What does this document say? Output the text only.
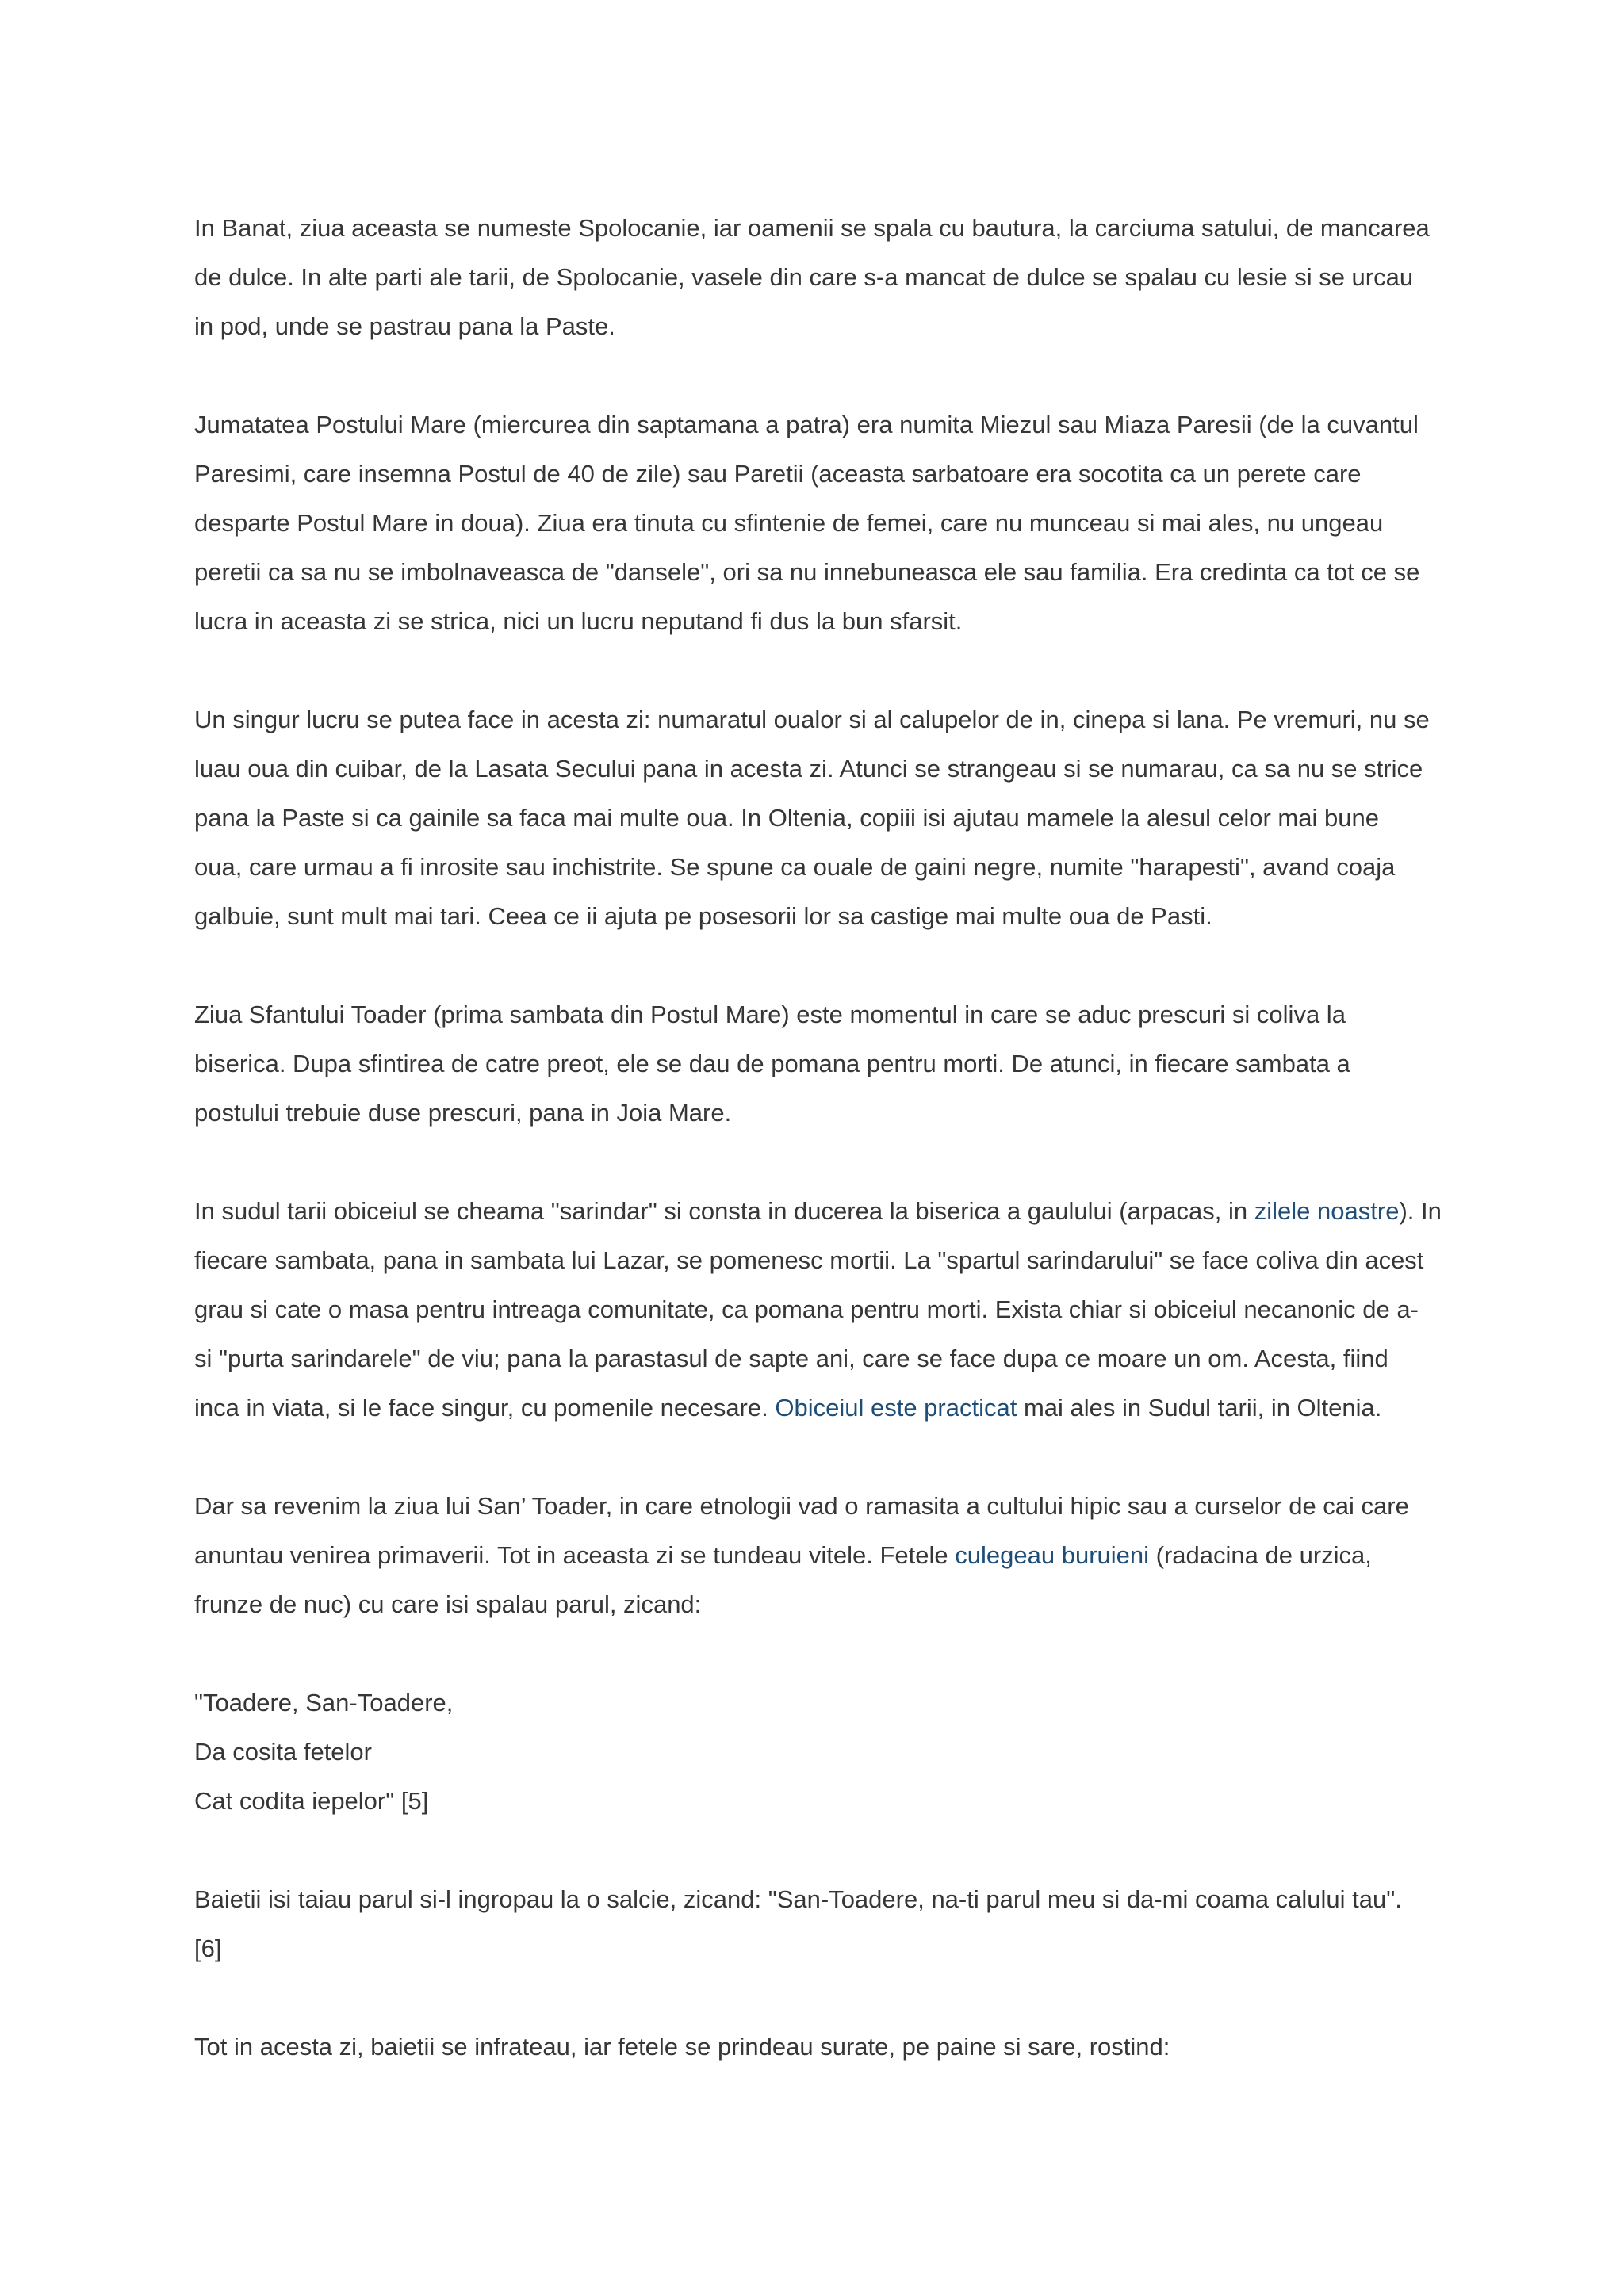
In Banat, ziua aceasta se numeste Spolocanie, iar oamenii se spala cu bautura, la carciuma satului, de mancarea
de dulce. In alte parti ale tarii, de Spolocanie, vasele din care s-a mancat de dulce se spalau cu lesie si se urcau
in pod, unde se pastrau pana la Paste.

Jumatatea Postului Mare (miercurea din saptamana a patra) era numita Miezul sau Miaza Paresii (de la cuvantul
Paresimi, care insemna Postul de 40 de zile) sau Paretii (aceasta sarbatoare era socotita ca un perete care
desparte Postul Mare in doua). Ziua era tinuta cu sfintenie de femei, care nu munceau si mai ales, nu ungeau
peretii ca sa nu se imbolnaveasca de "dansele", ori sa nu innebuneasca ele sau familia. Era credinta ca tot ce se
lucra in aceasta zi se strica, nici un lucru neputand fi dus la bun sfarsit.

Un singur lucru se putea face in acesta zi: numaratul oualor si al calupelor de in, cinepa si lana. Pe vremuri, nu se
luau oua din cuibar, de la Lasata Secului pana in acesta zi. Atunci se strangeau si se numarau, ca sa nu se strice
pana la Paste si ca gainile sa faca mai multe oua. In Oltenia, copiii isi ajutau mamele la alesul celor mai bune
oua, care urmau a fi inrosite sau inchistrite. Se spune ca ouale de gaini negre, numite "harapesti", avand coaja
galbuie, sunt mult mai tari. Ceea ce ii ajuta pe posesorii lor sa castige mai multe oua de Pasti.

Ziua Sfantului Toader (prima sambata din Postul Mare) este momentul in care se aduc prescuri si coliva la
biserica. Dupa sfintirea de catre preot, ele se dau de pomana pentru morti. De atunci, in fiecare sambata a
postului trebuie duse prescuri, pana in Joia Mare.

In sudul tarii obiceiul se cheama "sarindar" si consta in ducerea la biserica a gaulului (arpacas, in zilele noastre). In
fiecare sambata, pana in sambata lui Lazar, se pomenesc mortii. La "spartul sarindarului" se face coliva din acest
grau si cate o masa pentru intreaga comunitate, ca pomana pentru morti. Exista chiar si obiceiul necanonic de a-
si "purta sarindarele" de viu; pana la parastasul de sapte ani, care se face dupa ce moare un om. Acesta, fiind
inca in viata, si le face singur, cu pomenile necesare. Obiceiul este practicat mai ales in Sudul tarii, in Oltenia.

Dar sa revenim la ziua lui San’ Toader, in care etnologii vad o ramasita a cultului hipic sau a curselor de cai care
anuntau venirea primaverii. Tot in aceasta zi se tundeau vitele. Fetele culegeau buruieni (radacina de urzica,
frunze de nuc) cu care isi spalau parul, zicand:

"Toadere, San-Toadere,
Da cosita fetelor
Cat codita iepelor" [5]

Baietii isi taiau parul si-l ingropau la o salcie, zicand: "San-Toadere, na-ti parul meu si da-mi coama calului tau".
[6]

Tot in acesta zi, baietii se infrateau, iar fetele se prindeau surate, pe paine si sare, rostind:
